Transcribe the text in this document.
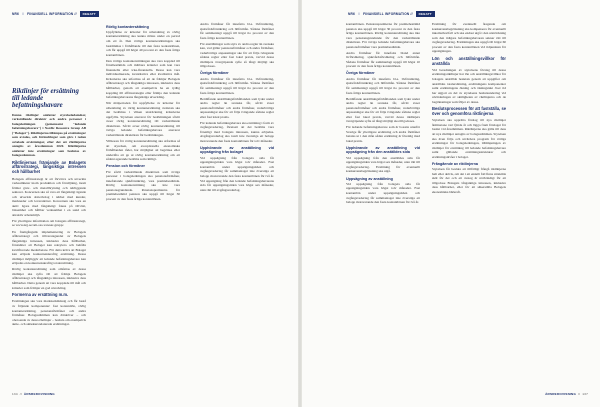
NR6 // FINANSIELL INFORMATION //	DEBATT
Riktlinjer för ersättning till ledande befattningshavare

Denna riktlinjer omfattar styrelseledamöter, verkställande direktör och andra personer i bolagsledningen (gemensamt "ledande befattningshavare") i Nordic Resource Group AB ("Bolaget"). Riktlinjerna tillämpas på ersättningar som avtalas, och förändringar som görs i redan avtalade ersättningar, efter det att riktlinjerna antagits av årsstämman 2020. Riktlinjerna omfattar inte ersättningar som beslutas av bolagsstämman.

Riktlinjernas främjande av Bolagets affärsstrategi, långsiktiga intressen och hållbarhet

Bolagets affärsstrategi är att förvärva och utveckla verksamheter inom produktion och försäljning, inom främst gruv- och metallbrytning och närliggande sektorer. Koncernen ska så vara ett långsiktigt ägande och utveckla dotterbolag i närhet med kunder, marknader och leverantörer. Koncernen ska vara en aktiv ägare med långsiktigt fokus på tillväxt, lönsamhet och hållbar verksamhet i en sund och attraktiv arbetsmiljö.

För ytterligare information om bolagets affärsstrategi, se www.nrg.se/om-oss-varesar-grupp/.

En framgångsrik implementering av Bolagets affärsstrategi och tillvaratagandet av Bolagets långsiktiga intressen, inklusive dess hållbarhet, förutsätter att Bolaget kan rekrytera och behålla kvalificerade medarbetare. För detta krävs att Bolaget kan erbjuda konkurrenskraftig ersättning. Dessa riktlinjer möjliggör att ledande befattningshavare kan erbjudas en konkurrenskraftig totalersättning.

Rörlig kontantersättning som omfattas av dessa riktlinjer ska syfta till att främja Bolagets affärsstrategi och långsiktiga intressen, inklusive dess hållbarhet. Detta genom att vara kopplade till mål och kriterier som främjar en god utveckling.

Formerna av ersättning m.m.

Ersättningen ska vara marknadsmässig och får bestå av följande komponenter: fast kontantlön, rörlig kontantersättning, pensionsförmåner och andra förmåner. Bolagsstämman kan därutöver – och oberoende av dessa riktlinjer – besluta om exempelvis aktie- och aktiekursrelaterade ersättningar.

Rörlig kontantersättning

Uppfyllelse av kriterier för utbetalning av rörlig kontantersättning ska kunna mätas under en period om ett år. Den rörliga kontantersättningen ska bestämmas i förhållande till den fasta kontantlönen, och får uppgå till högst 40 procent av den fasta årliga kontantlönen.

Den rörliga kontantersättningen ska vara kopplad till förutbestämda och mätbara kriterier som kan vara finansiella eller icke-finansiella. Dessa kan vara individualiserade, kvantitativa eller kvalitativa mål. Kriterierna ska utformas så att de främjar Bolagets affärsstrategi och långsiktiga intressen, inklusive dess hållbarhet, genom att exempelvis ha en tydlig koppling till affärsstrategin eller främja den ledande befattningshavarens långsiktiga utveckling.

När mätperioden för uppfyllelse av kriterier för utbetalning av rörlig kontantersättning avslutats ska det bedömas i vilken utsträckning kriterierna uppfyllts. Styrelsen ansvarar för bedömningen såvitt avser rörlig kontantersättning till verkställande direktören. Såvitt avser rörlig kontantersättning till övriga ledande befattningshavare ansvarar verkställande direktören för bedömningen.

Villkoren för rörlig kontantersättning ska utformas så att styrelsen, om exceptionella ekonomiska förhållanden råder, har möjlighet att begränsa eller underlåta att ge ut rörlig kontantersättning om ett sådant agerande bedöms som rimligt.

Pension och förmåner

För såväl verkställande direktören som övriga personer i bolagsledningen ska pensionsförmåner, innefattande sjukförsäkring, vara premiebestämda. Rörlig kontantersättning ska inte vara pensionsgrundande. Pensionspremierna för premiebestämd pension ska uppgå till högst 30 procent av den fasta årliga kontantlönen.

Andra förmåner får innefatta bl.a. livförsäkring, sjukvårdsförsäkring och bilförmån. Sådana förmåner får sammanlagt uppgå till högst tio procent av den fasta årliga kontantlönen.

För anställningar som styrs av andra regler än svenska kan, vad gäller pensionsförmåner och andra förmåner, vederbörliga anpassningar ske för att följa tvingande sådana regler eller fast lokal praxis, varvid dessa riktlinjers övergripande syfte så långt möjligt ska tillgodoses.

Övriga förmåner

Andra förmåner får innefatta bl.a. livförsäkring, sjukvårdsförsäkring och bilförmån. Sådana förmåner får sammanlagt uppgå till högst tio procent av den fasta årliga kontantlönen.

Beträffande anställningsförhållanden som lyder under andra regler än svenska får, såvitt avser pensionsförmåner och andra förmåner, vederbörliga anpassningar ske för att följa tvingande sådana regler eller fast lokal praxis.

För ledande befattningshavare ska ersättning i form av avgångsvederlag, förutsatt att det bedöms vara förenligt med bolagets intressen, kunna erbjudas. Avgångsvederlag ska totalt inte överstiga ett belopp motsvarande den fasta kontantlönen för tolv månader.

Upphörande av anställning vid uppsägning från bolaget

Vid uppsägning från bolagets sida får uppsägningstiden vara högst tolv månader. Fast kontantlön under uppsägningstiden och avgångsvederlag får sammantaget inte överstiga ett belopp motsvarande den fasta kontantlönen för två år. Vid uppsägning från den ledande befattningshavarens sida får uppsägningstiden vara högst sex månader, utan rätt till avgångsvederlag.

134 // ÅRSREDOVISNING
NR6 // FINANSIELL INFORMATION //	DEBATT

kontantlönen. Pensionspremierna för premiebestämd pension ska uppgå till högst 30 procent av den fasta årliga kontantlönen. Rörlig kontantersättning ska inte vara pensionsgrundande för den verkställande direktören. För övriga ledande befattningshavare ska pensionsförmåner vara premiebestämda.

Andra förmåner får innefatta bland annat livförsäkring, sjukvårdsförsäkring och bilförmån. Sådana förmåner får sammanlagt uppgå till högst 10 procent av den fasta årliga kontantlönen.

Övriga förmåner

Andra förmåner får innefatta bl.a. livförsäkring, sjukvårdsförsäkring och bilförmån. Sådana förmåner får sammanlagt uppgå till högst tio procent av den fasta årliga kontantlönen.

Beträffande anställningsförhållanden som lyder under andra regler än svenska får, såvitt avser pensionsförmåner och andra förmåner, vederbörliga anpassningar ske för att följa tvingande sådana regler eller fast lokal praxis, varvid dessa riktlinjers övergripande syfte så långt möjligt ska tillgodoses.

För ledande befattningshavare som är bosatta utanför Sverige får ytterligare ersättning och andra förmåner betalas ut i den mån sådan ersättning är förenlig med lokal praxis.

Upphörande av anställning vid uppsägning från den anställdes sida

Vid uppsägning från den anställdes sida får uppsägningstiden vara högst sex månader, utan rätt till avgångsvederlag. Ersättning för eventuellt konkurrensbegränsning ska utgå.

Uppsägning av anställning

Vid uppsägning från bolagets sida får uppsägningstiden vara högst tolv månader. Fast kontantlön under uppsägningstiden och avgångsvederlag får sammantaget inte överstiga ett belopp motsvarande den fasta kontantlönen för två år.

Ersättning för eventuellt åtagande om konkurrensbegränsning ska kompensera för eventuellt inkomstbortfall och ska endast utgå i den utsträckning som den tidigare befattningshavaren saknar rätt till avgångsvederlag. Ersättningen ska uppgå till högst 60 procent av den fasta kontantlönen vid tidpunkten för uppsägningen.

Lön och anställningsvillkor för anställda

Vid beredningen av styrelsens förslag till dessa ersättningsriktlinjer har lön och anställningsvillkor för bolagets anställda beaktats genom att uppgifter om anställdas totalersättning, ersättningens komponenter samt ersättningens ökning och ökningstakt över tid har utgjort en del av styrelsens beslutsunderlag vid utvärderingen av skäligheten av riktlinjerna och de begränsningar som följer av dessa.

Beslutsprocessen för att fastställa, se över och genomföra riktlinjerna

Styrelsen ska upprätta förslag till nya riktlinjer åtminstone vart fjärde år och lägga fram förslaget för beslut vid årsstämman. Riktlinjerna ska gälla till dess att nya riktlinjer antagits av bolagsstämman. Styrelsen ska även följa och utvärdera program för rörliga ersättningar för bolagsledningen, tillämpningen av riktlinjer för ersättning till ledande befattningshavare samt gällande ersättningsstrukturer och ersättningsnivåer i bolaget.

Frångående av riktlinjerna

Styrelsen får besluta att tillfälligt frångå riktlinjerna helt eller delvis, om det i ett enskilt fall finns särskilda skäl för det och ett avsteg är nödvändigt för att tillgodose Bolagets långsiktiga intressen, inklusive dess hållbarhet, eller för att säkerställa Bolagets ekonomiska bärkraft.

ÅRSREDOVISNING // 137
